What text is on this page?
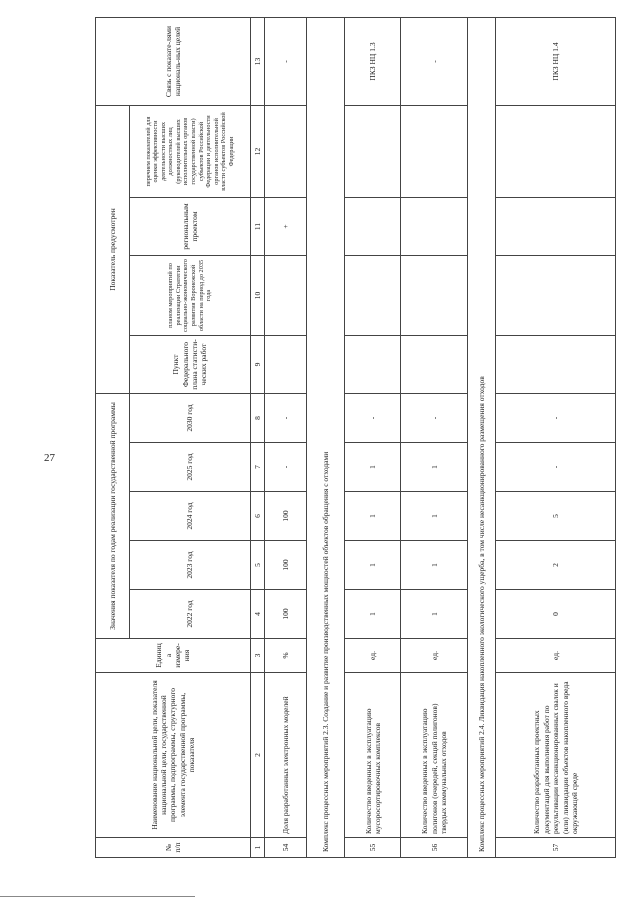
27
№ п/п	Наименование национальной цели, показателя национальной цели, государственной программы, подпрограммы, структурного элемента государственной программы, показателя	Единица измере-ния	Значения показателя по годам реализации государственной программы					Показатель предусмотрен				Связь с показате-лями националь-ных целей
			2022 год	2023 год	2024 год	2025 год	2030 год	Пункт Федерального плана статисти-ческих работ	планом мероприятий по реализации Стратегии социально-экономического развития Воронежской области на период до 2035 года	региональным проектом	перечнем показателей для оценки эффективности деятельности высших должностных лиц (руководителей высших исполнительных органов государственной власти) субъектов Российской Федерации и деятельности органов исполнительной власти субъектов Российской Федерации	
1	2	3	4	5	6	7	8	9	10	11	12	13
54	Доля разработанных электронных моделей	%	100	100	100	-	-			+		-
Комплекс процессных мероприятий 2.3. Создание и развитие производственных мощностей объектов обращения с отходами												
55	Количество введенных в эксплуатацию мусоросортировочных комплексов	ед.	1	1	1	1	-					ПКЗ НЦ 1.3
56	Количество введенных в эксплуатацию полигонов (очередей, секций полигонов) твердых коммунальных отходов	ед.	1	1	1	1	-					-
Комплекс процессных мероприятий 2.4. Ликвидация накопленного экологического ущерба, в том числе несанкционированного размещения отходов												
57	Количество разработанных проектных документаций для выполнения работ по рекультивации несанкционированных свалок и (или) ликвидации объектов накопленного вреда окружающей среде	ед.	0	2	5	-	-					ПКЗ НЦ 1.4
